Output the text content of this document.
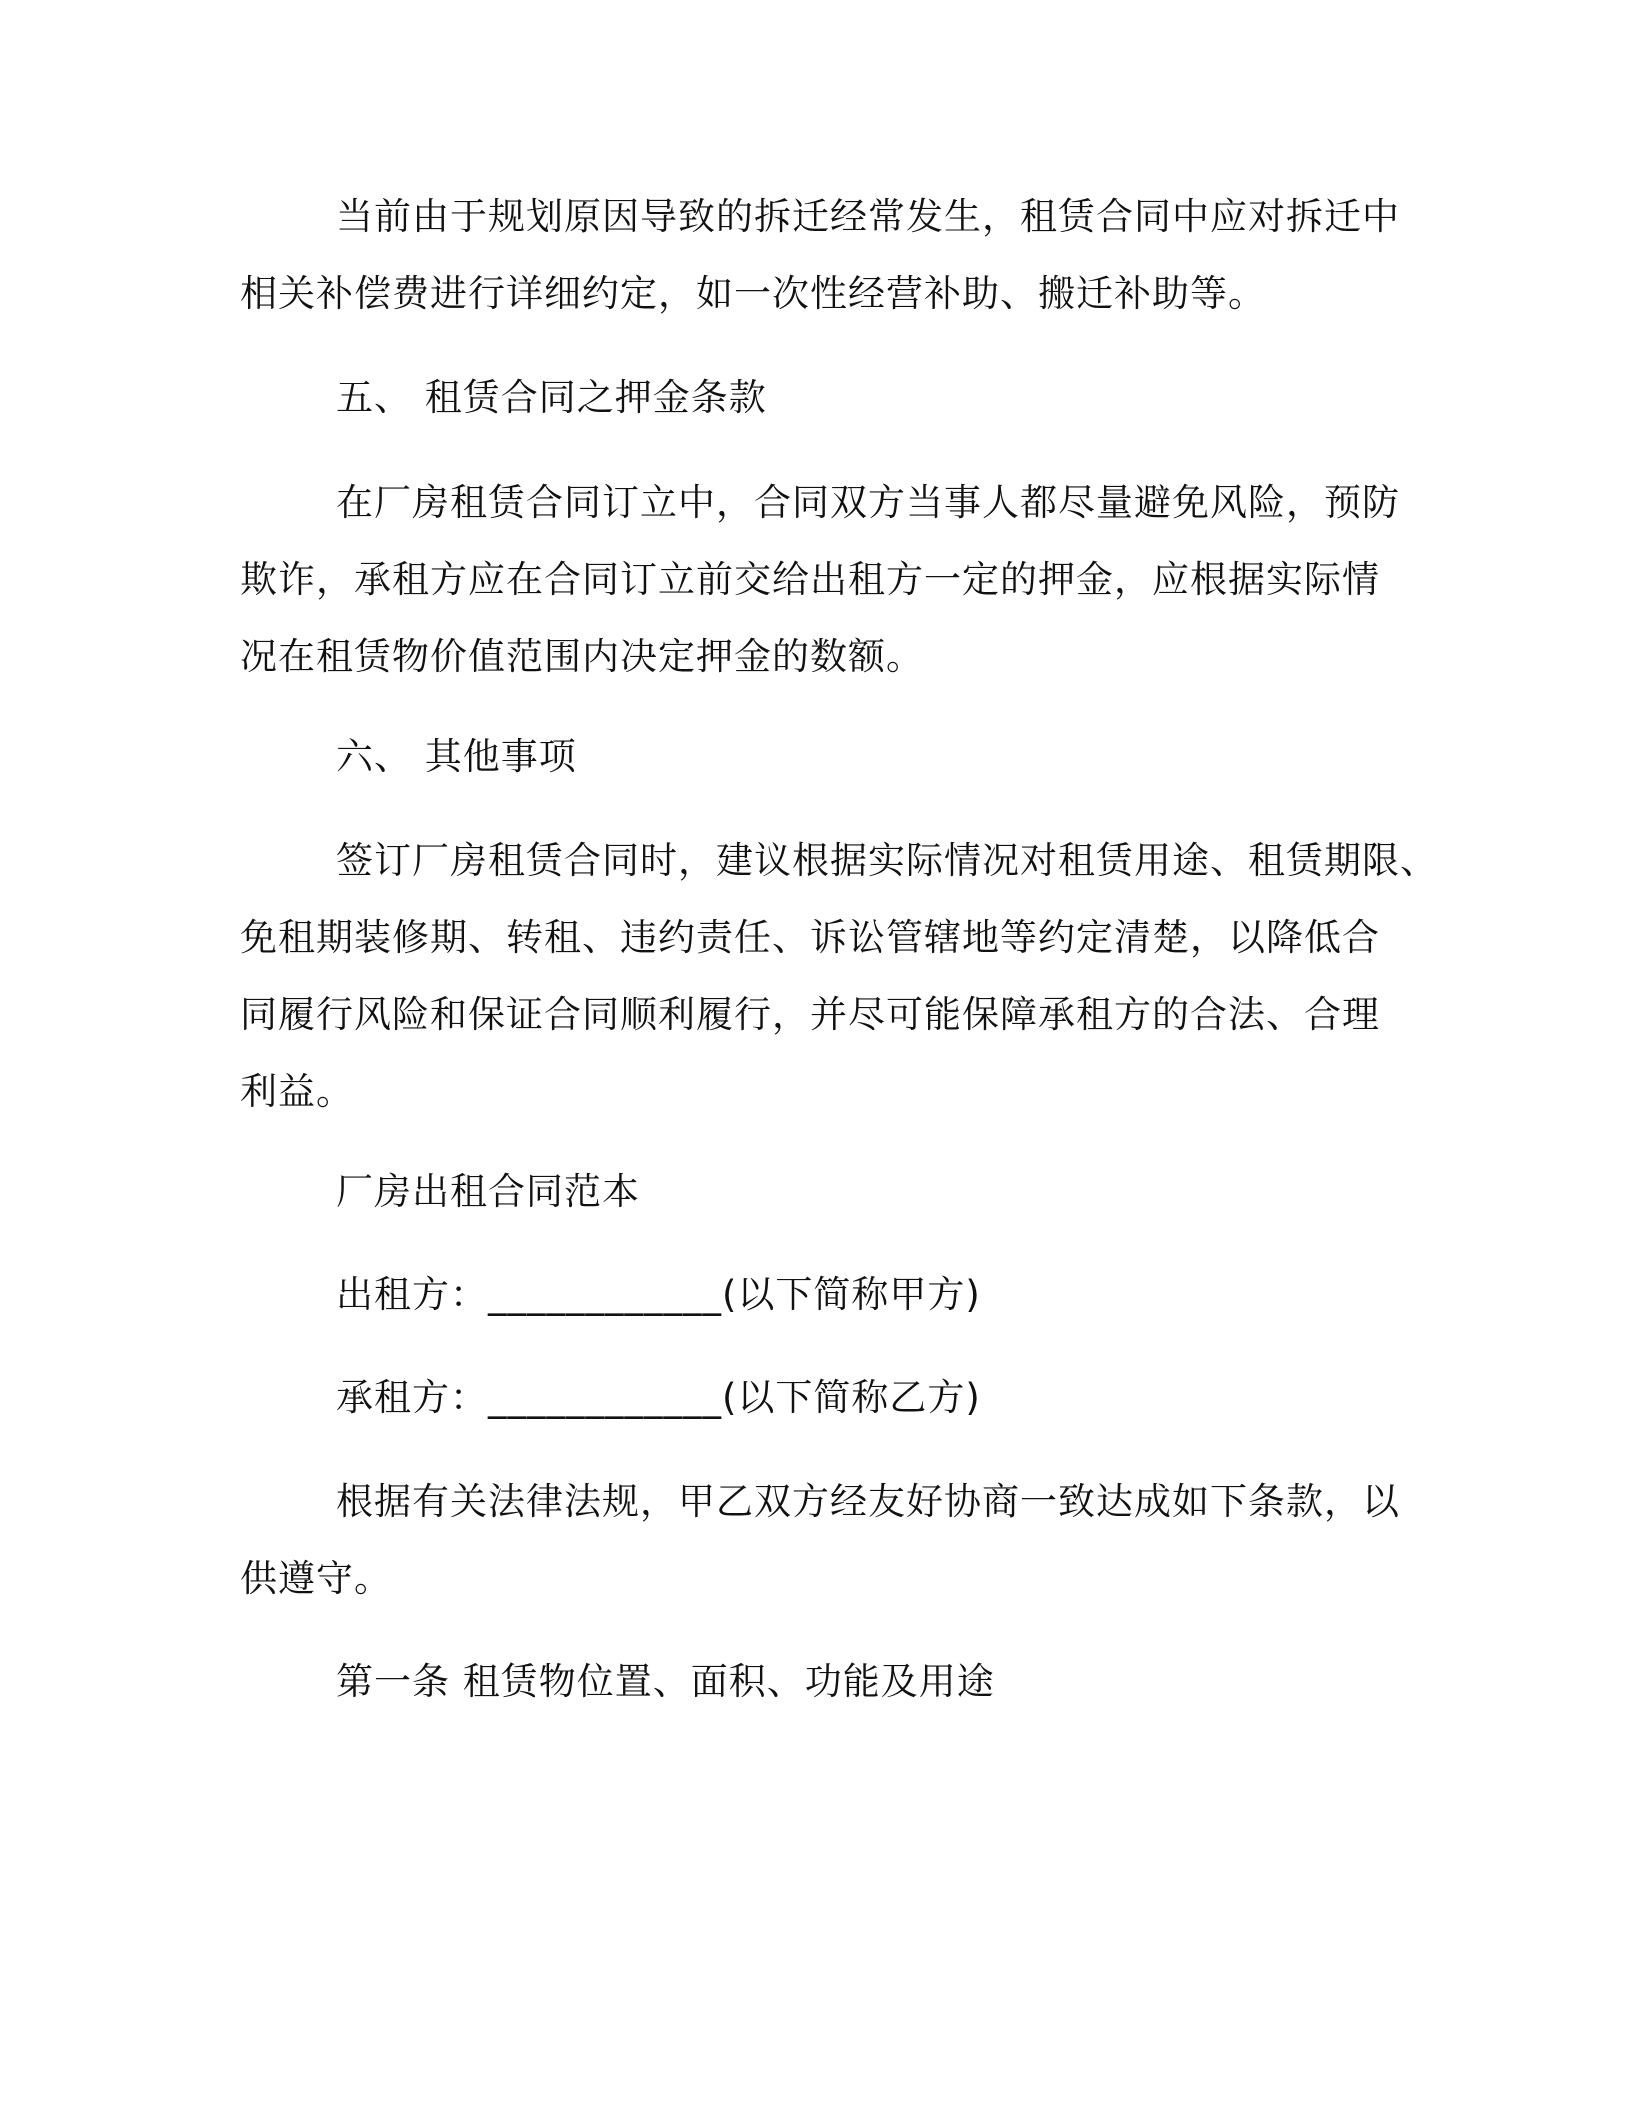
当前由于规划原因导致的拆迁经常发生，租赁合同中应对拆迁中
相关补偿费进行详细约定，如一次性经营补助、搬迁补助等。
五、 租赁合同之押金条款
在厂房租赁合同订立中，合同双方当事人都尽量避免风险，预防
欺诈，承租方应在合同订立前交给出租方一定的押金，应根据实际情
况在租赁物价值范围内决定押金的数额。
六、 其他事项
签订厂房租赁合同时，建议根据实际情况对租赁用途、租赁期限、
免租期装修期、转租、违约责任、诉讼管辖地等约定清楚，以降低合
同履行风险和保证合同顺利履行，并尽可能保障承租方的合法、合理
利益。
厂房出租合同范本
出租方：____________(以下简称甲方)
承租方：____________(以下简称乙方)
根据有关法律法规，甲乙双方经友好协商一致达成如下条款，以
供遵守。
第一条 租赁物位置、面积、功能及用途
